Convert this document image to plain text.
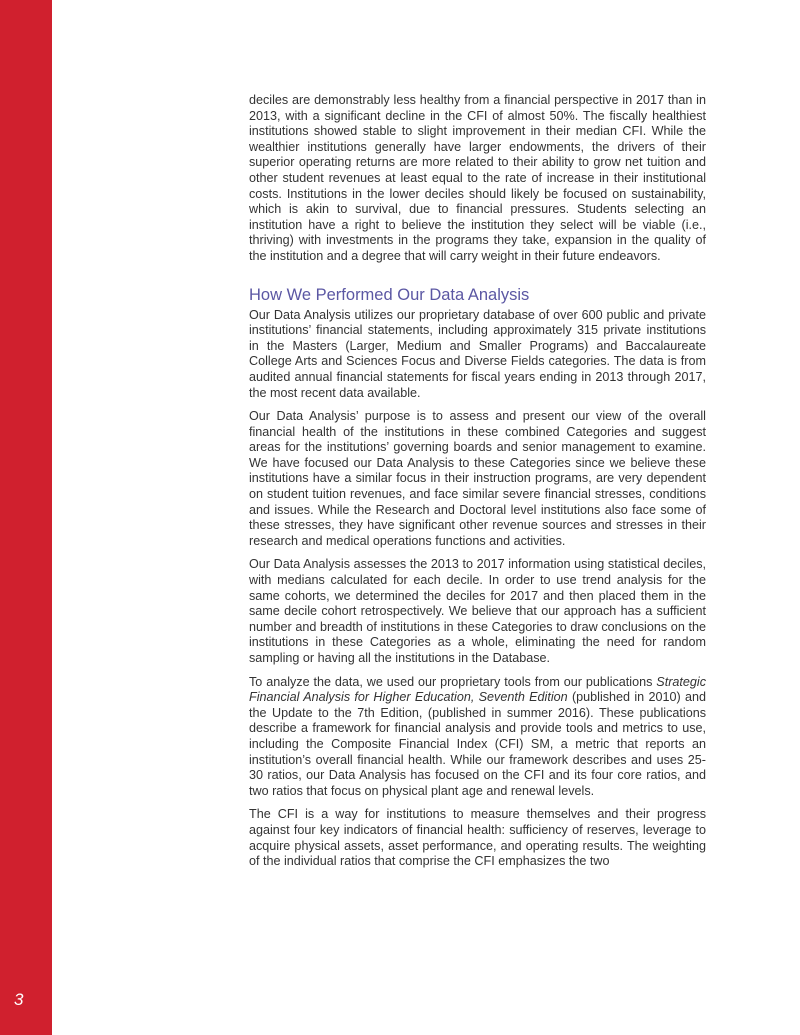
3

deciles are demonstrably less healthy from a financial perspective in 2017 than in 2013, with a significant decline in the CFI of almost 50%. The fiscally healthiest institutions showed stable to slight improvement in their median CFI. While the wealthier institutions generally have larger endowments, the drivers of their superior operating returns are more related to their ability to grow net tuition and other student revenues at least equal to the rate of increase in their institutional costs. Institutions in the lower deciles should likely be focused on sustainability, which is akin to survival, due to financial pressures. Students selecting an institution have a right to believe the institution they select will be viable (i.e., thriving) with investments in the programs they take, expansion in the quality of the institution and a degree that will carry weight in their future endeavors.

How We Performed Our Data Analysis

Our Data Analysis utilizes our proprietary database of over 600 public and private institutions’ financial statements, including approximately 315 private institutions in the Masters (Larger, Medium and Smaller Programs) and Baccalaureate College Arts and Sciences Focus and Diverse Fields categories. The data is from audited annual financial statements for fiscal years ending in 2013 through 2017, the most recent data available.

Our Data Analysis’ purpose is to assess and present our view of the overall financial health of the institutions in these combined Categories and suggest areas for the institutions’ governing boards and senior management to examine. We have focused our Data Analysis to these Categories since we believe these institutions have a similar focus in their instruction programs, are very dependent on student tuition revenues, and face similar severe financial stresses, conditions and issues. While the Research and Doctoral level institutions also face some of these stresses, they have significant other revenue sources and stresses in their research and medical operations functions and activities.

Our Data Analysis assesses the 2013 to 2017 information using statistical deciles, with medians calculated for each decile. In order to use trend analysis for the same cohorts, we determined the deciles for 2017 and then placed them in the same decile cohort retrospectively. We believe that our approach has a sufficient number and breadth of institutions in these Categories to draw conclusions on the institutions in these Categories as a whole, eliminating the need for random sampling or having all the institutions in the Database.

To analyze the data, we used our proprietary tools from our publications Strategic Financial Analysis for Higher Education, Seventh Edition (published in 2010) and the Update to the 7th Edition, (published in summer 2016). These publications describe a framework for financial analysis and provide tools and metrics to use, including the Composite Financial Index (CFI) SM, a metric that reports an institution’s overall financial health. While our framework describes and uses 25-30 ratios, our Data Analysis has focused on the CFI and its four core ratios, and two ratios that focus on physical plant age and renewal levels.

The CFI is a way for institutions to measure themselves and their progress against four key indicators of financial health: sufficiency of reserves, leverage to acquire physical assets, asset performance, and operating results. The weighting of the individual ratios that comprise the CFI emphasizes the two
